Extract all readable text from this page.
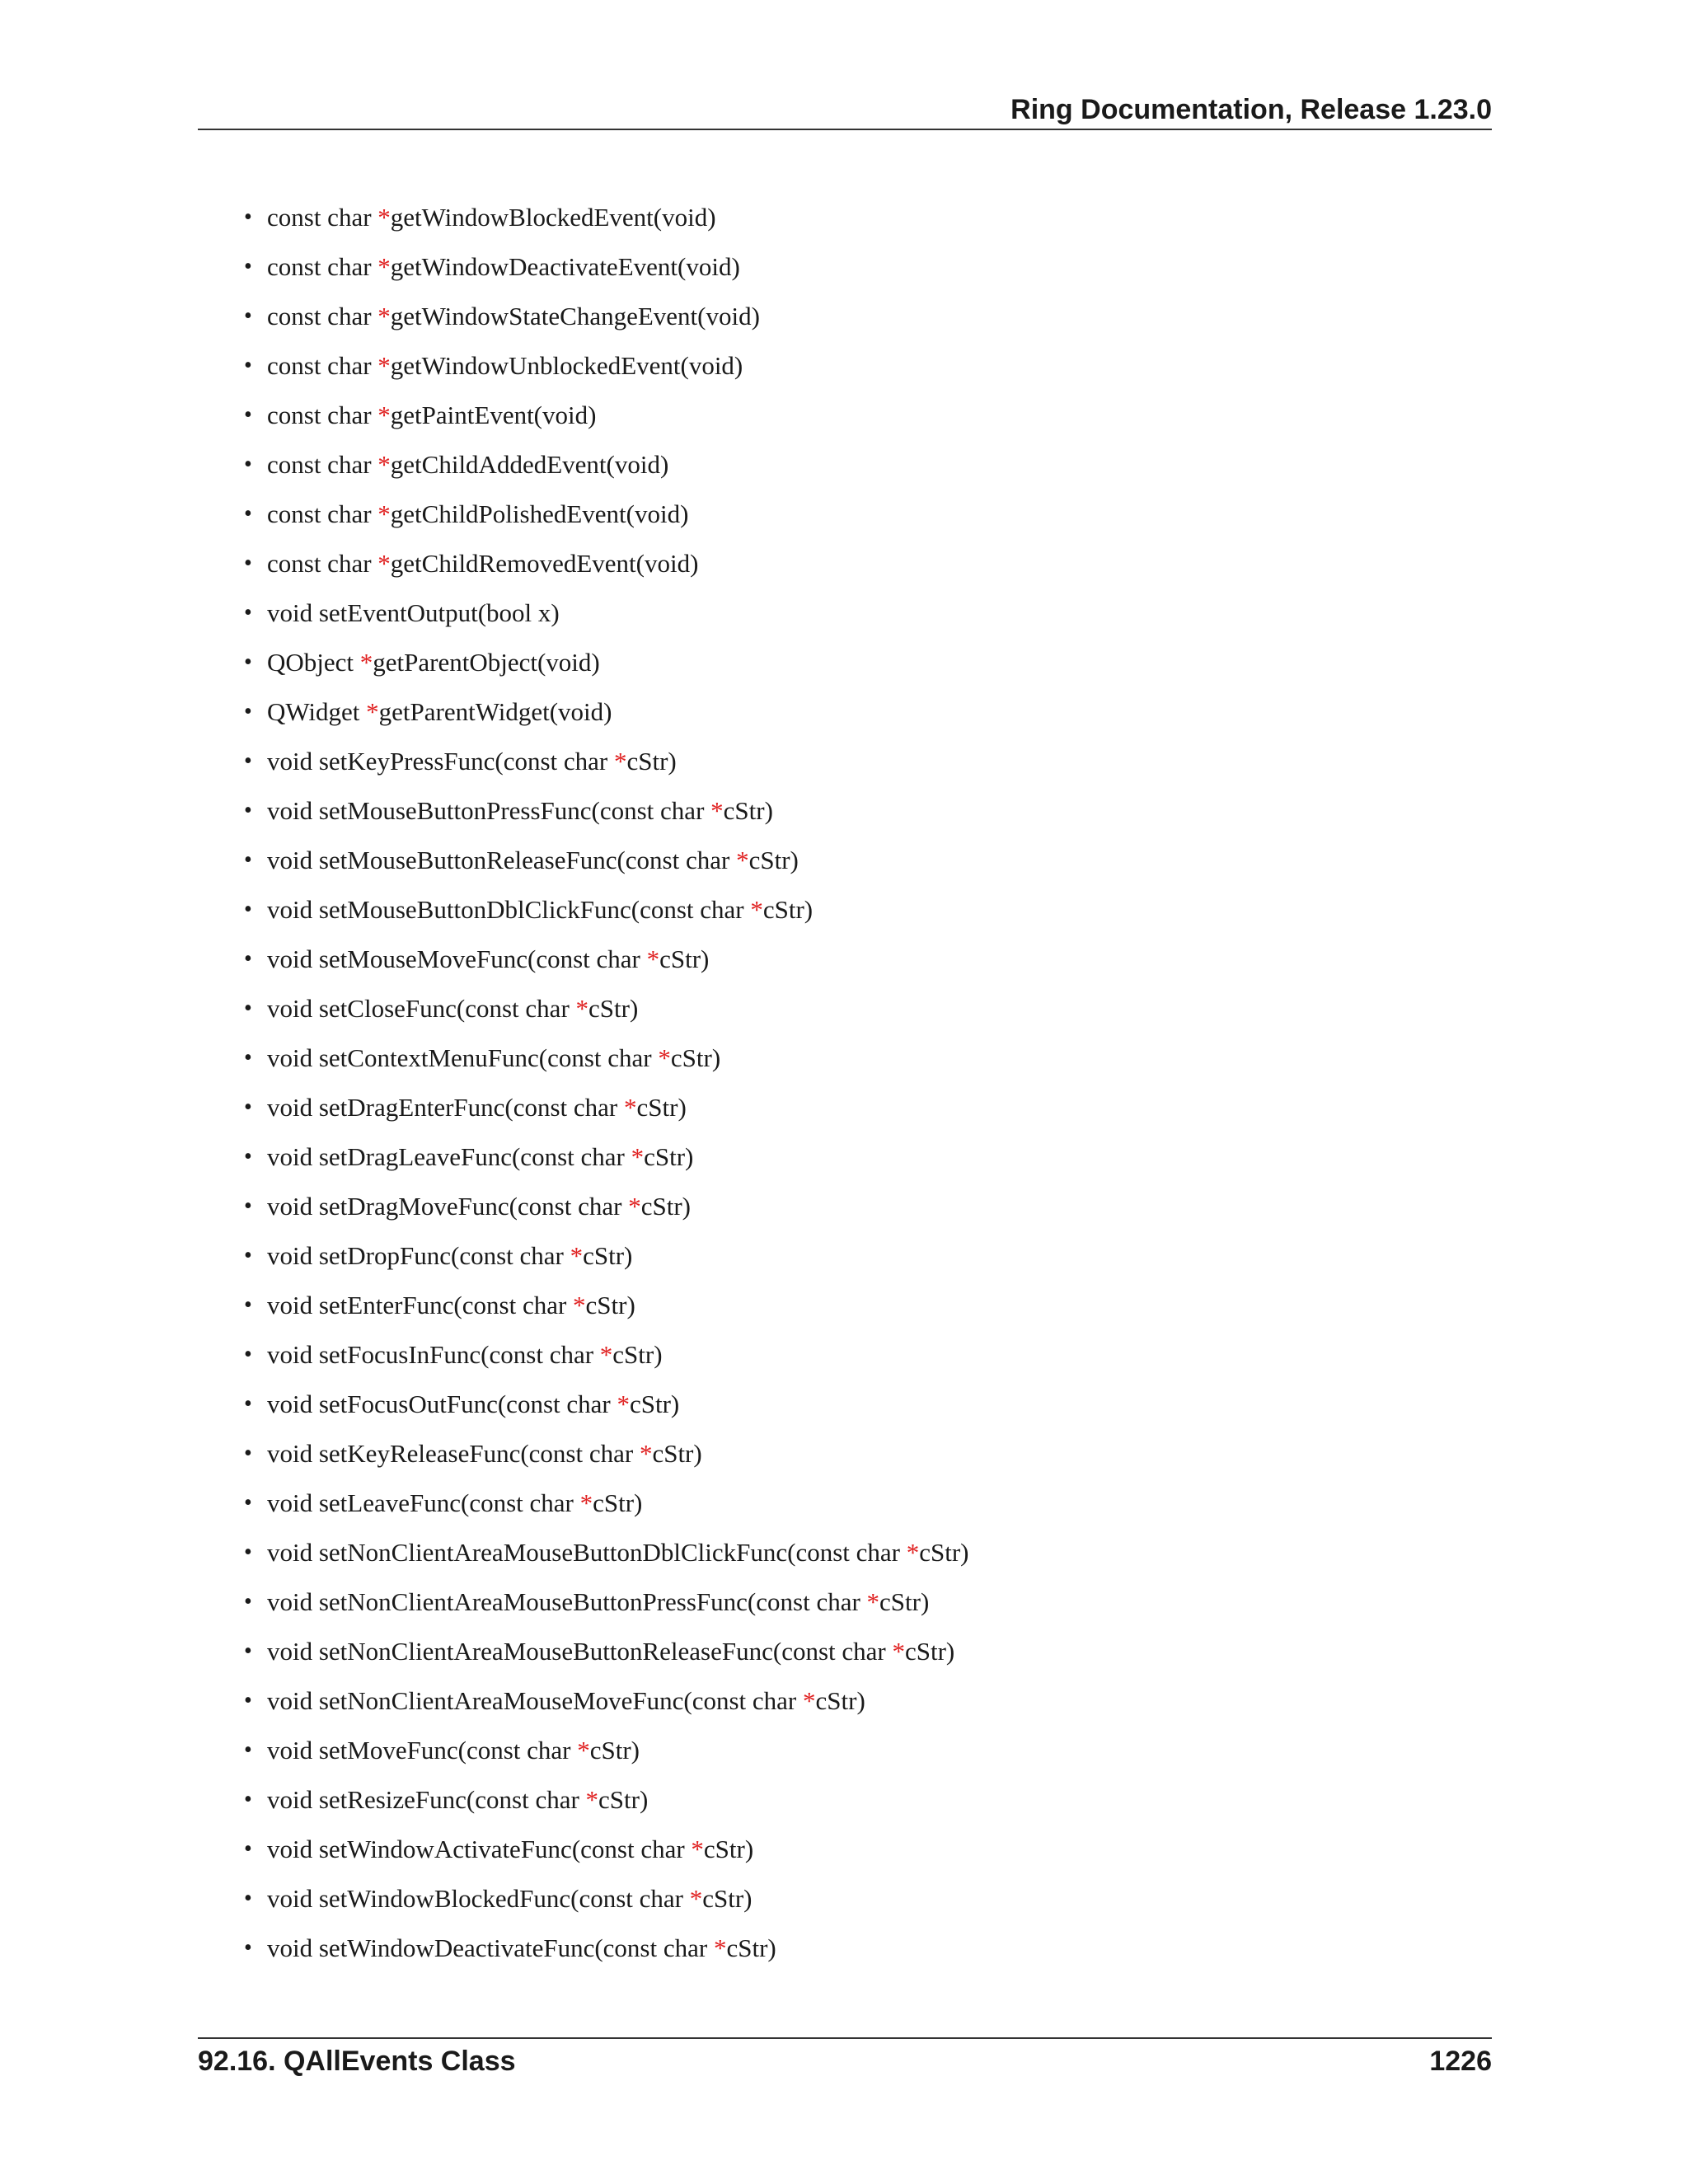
Ring Documentation, Release 1.23.0
• const char *getWindowBlockedEvent(void)
• const char *getWindowDeactivateEvent(void)
• const char *getWindowStateChangeEvent(void)
• const char *getWindowUnblockedEvent(void)
• const char *getPaintEvent(void)
• const char *getChildAddedEvent(void)
• const char *getChildPolishedEvent(void)
• const char *getChildRemovedEvent(void)
• void setEventOutput(bool x)
• QObject *getParentObject(void)
• QWidget *getParentWidget(void)
• void setKeyPressFunc(const char *cStr)
• void setMouseButtonPressFunc(const char *cStr)
• void setMouseButtonReleaseFunc(const char *cStr)
• void setMouseButtonDblClickFunc(const char *cStr)
• void setMouseMoveFunc(const char *cStr)
• void setCloseFunc(const char *cStr)
• void setContextMenuFunc(const char *cStr)
• void setDragEnterFunc(const char *cStr)
• void setDragLeaveFunc(const char *cStr)
• void setDragMoveFunc(const char *cStr)
• void setDropFunc(const char *cStr)
• void setEnterFunc(const char *cStr)
• void setFocusInFunc(const char *cStr)
• void setFocusOutFunc(const char *cStr)
• void setKeyReleaseFunc(const char *cStr)
• void setLeaveFunc(const char *cStr)
• void setNonClientAreaMouseButtonDblClickFunc(const char *cStr)
• void setNonClientAreaMouseButtonPressFunc(const char *cStr)
• void setNonClientAreaMouseButtonReleaseFunc(const char *cStr)
• void setNonClientAreaMouseMoveFunc(const char *cStr)
• void setMoveFunc(const char *cStr)
• void setResizeFunc(const char *cStr)
• void setWindowActivateFunc(const char *cStr)
• void setWindowBlockedFunc(const char *cStr)
• void setWindowDeactivateFunc(const char *cStr)
92.16. QAllEvents Class	1226
